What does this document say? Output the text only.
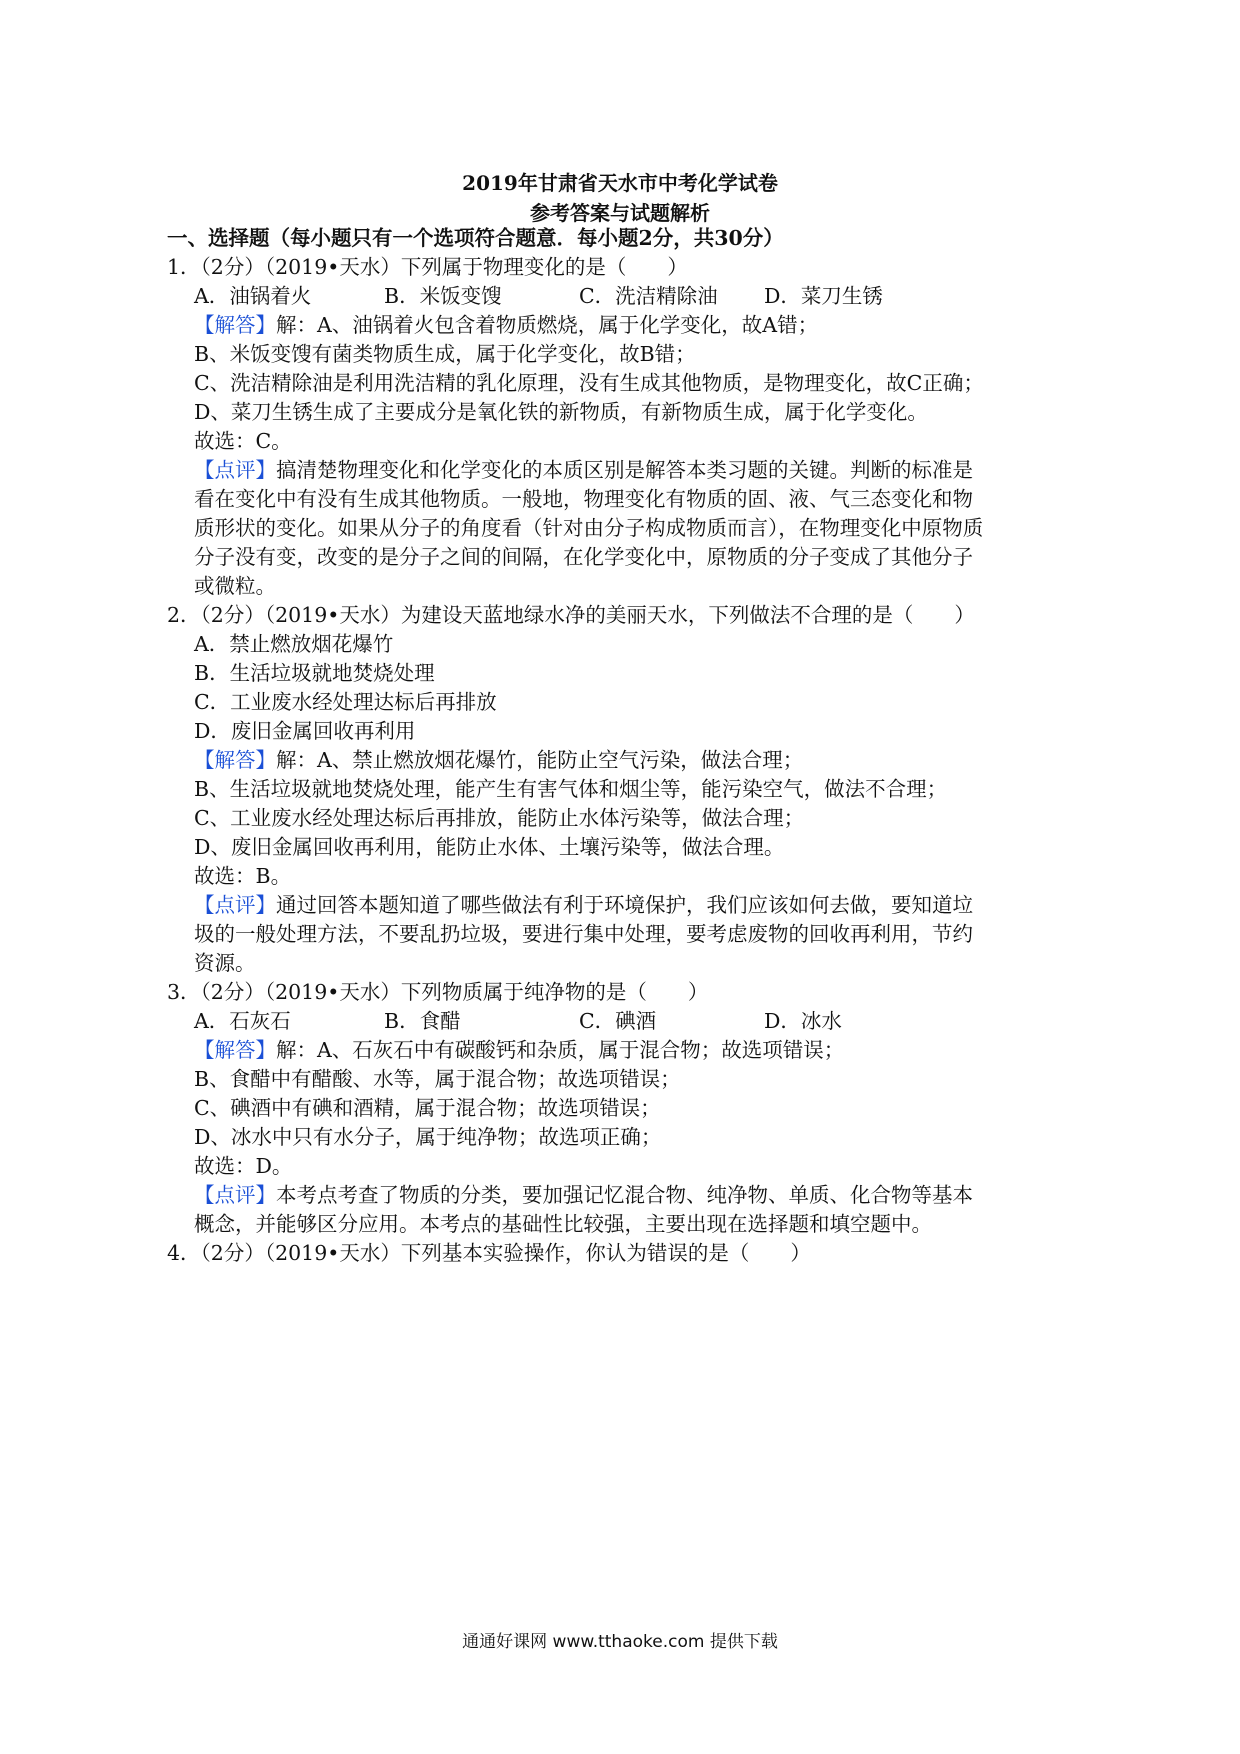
2019年甘肃省天水市中考化学试卷
参考答案与试题解析
一、选择题（每小题只有一个选项符合题意．每小题2分，共30分）
1．（2分）（2019•天水）下列属于物理变化的是（　　）
A．油锅着火	B．米饭变馊	C．洗洁精除油 D．菜刀生锈
【解答】解：A、油锅着火包含着物质燃烧，属于化学变化，故A错；
B、米饭变馊有菌类物质生成，属于化学变化，故B错；
C、洗洁精除油是利用洗洁精的乳化原理，没有生成其他物质，是物理变化，故C正确；
D、菜刀生锈生成了主要成分是氧化铁的新物质，有新物质生成，属于化学变化。
故选：C。
【点评】搞清楚物理变化和化学变化的本质区别是解答本类习题的关键。判断的标准是
看在变化中有没有生成其他物质。一般地，物理变化有物质的固、液、气三态变化和物
质形状的变化。如果从分子的角度看（针对由分子构成物质而言），在物理变化中原物质
分子没有变，改变的是分子之间的间隔，在化学变化中，原物质的分子变成了其他分子
或微粒。
2．（2分）（2019•天水）为建设天蓝地绿水净的美丽天水，下列做法不合理的是（　　）
A．禁止燃放烟花爆竹
B．生活垃圾就地焚烧处理
C．工业废水经处理达标后再排放
D．废旧金属回收再利用
【解答】解：A、禁止燃放烟花爆竹，能防止空气污染，做法合理；
B、生活垃圾就地焚烧处理，能产生有害气体和烟尘等，能污染空气，做法不合理；
C、工业废水经处理达标后再排放，能防止水体污染等，做法合理；
D、废旧金属回收再利用，能防止水体、土壤污染等，做法合理。
故选：B。
【点评】通过回答本题知道了哪些做法有利于环境保护，我们应该如何去做，要知道垃
圾的一般处理方法，不要乱扔垃圾，要进行集中处理，要考虑废物的回收再利用，节约
资源。
3．（2分）（2019•天水）下列物质属于纯净物的是（　　）
A．石灰石	B．食醋	C．碘酒	D．冰水
【解答】解：A、石灰石中有碳酸钙和杂质，属于混合物；故选项错误；
B、食醋中有醋酸、水等，属于混合物；故选项错误；
C、碘酒中有碘和酒精，属于混合物；故选项错误；
D、冰水中只有水分子，属于纯净物；故选项正确；
故选：D。
【点评】本考点考查了物质的分类，要加强记忆混合物、纯净物、单质、化合物等基本
概念，并能够区分应用。本考点的基础性比较强，主要出现在选择题和填空题中。
4．（2分）（2019•天水）下列基本实验操作，你认为错误的是（　　）
通通好课网 www.tthaoke.com 提供下载
